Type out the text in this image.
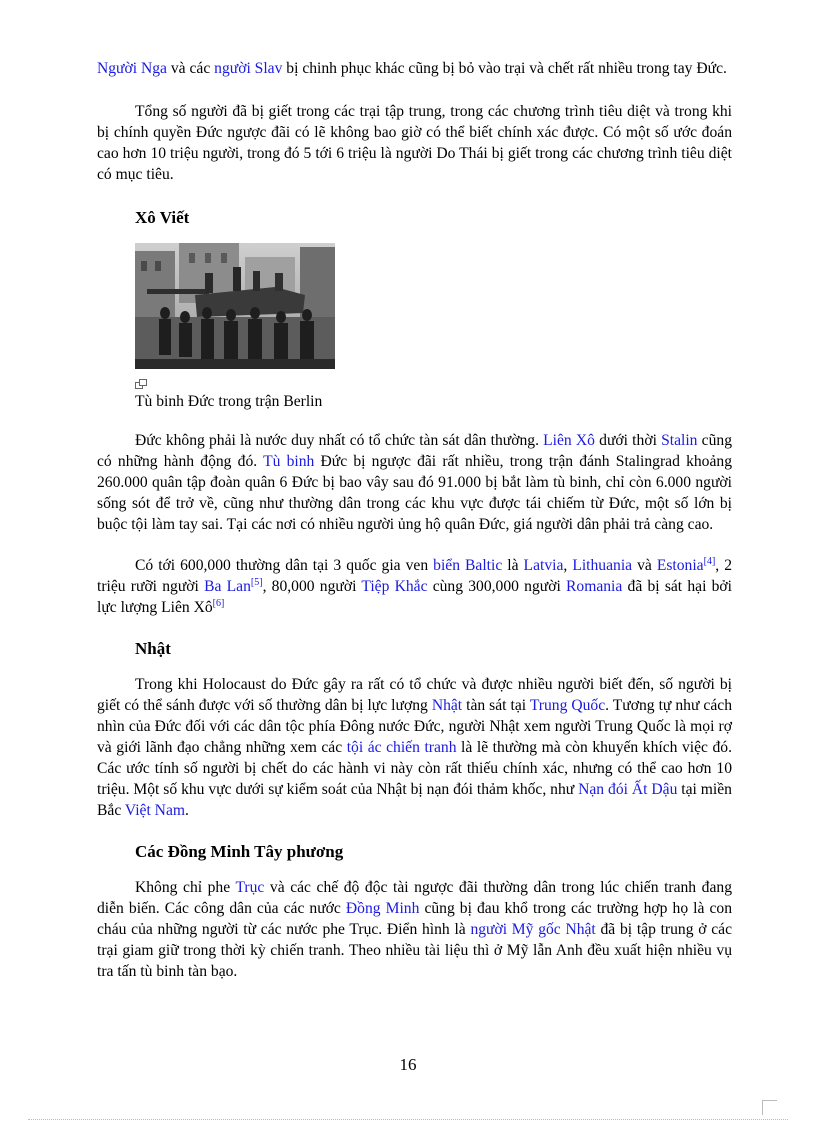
Người Nga và các người Slav bị chinh phục khác cũng bị bỏ vào trại và chết rất nhiều trong tay Đức.

Tổng số người đã bị giết trong các trại tập trung, trong các chương trình tiêu diệt và trong khi bị chính quyền Đức ngược đãi có lẽ không bao giờ có thể biết chính xác được. Có một số ước đoán cao hơn 10 triệu người, trong đó 5 tới 6 triệu là người Do Thái bị giết trong các chương trình tiêu diệt có mục tiêu.

Xô Viết
Tù binh Đức trong trận Berlin

Đức không phải là nước duy nhất có tổ chức tàn sát dân thường. Liên Xô dưới thời Stalin cũng có những hành động đó. Tù binh Đức bị ngược đãi rất nhiều, trong trận đánh Stalingrad khoảng 260.000 quân tập đoàn quân 6 Đức bị bao vây sau đó 91.000 bị bắt làm tù binh, chỉ còn 6.000 người sống sót để trở về, cũng như thường dân trong các khu vực được tái chiếm từ Đức, một số lớn bị buộc tội làm tay sai. Tại các nơi có nhiều người ủng hộ quân Đức, giá người dân phải trả càng cao.

Có tới 600,000 thường dân tại 3 quốc gia ven biển Baltic là Latvia, Lithuania và Estonia[4], 2 triệu rưỡi người Ba Lan[5], 80,000 người Tiệp Khắc cùng 300,000 người Romania đã bị sát hại bởi lực lượng Liên Xô[6]

Nhật

Trong khi Holocaust do Đức gây ra rất có tổ chức và được nhiều người biết đến, số người bị giết có thể sánh được với số thường dân bị lực lượng Nhật tàn sát tại Trung Quốc. Tương tự như cách nhìn của Đức đối với các dân tộc phía Đông nước Đức, người Nhật xem người Trung Quốc là mọi rợ và giới lãnh đạo chẳng những xem các tội ác chiến tranh là lẽ thường mà còn khuyến khích việc đó. Các ước tính số người bị chết do các hành vi này còn rất thiếu chính xác, nhưng có thể cao hơn 10 triệu. Một số khu vực dưới sự kiểm soát của Nhật bị nạn đói thảm khốc, như Nạn đói Ất Dậu tại miền Bắc Việt Nam.

Các Đồng Minh Tây phương

Không chỉ phe Trục và các chế độ độc tài ngược đãi thường dân trong lúc chiến tranh đang diễn biến. Các công dân của các nước Đồng Minh cũng bị đau khổ trong các trường hợp họ là con cháu của những người từ các nước phe Trục. Điển hình là người Mỹ gốc Nhật đã bị tập trung ở các trại giam giữ trong thời kỳ chiến tranh. Theo nhiều tài liệu thì ở Mỹ lẫn Anh đều xuất hiện nhiều vụ tra tấn tù binh tàn bạo.

16
